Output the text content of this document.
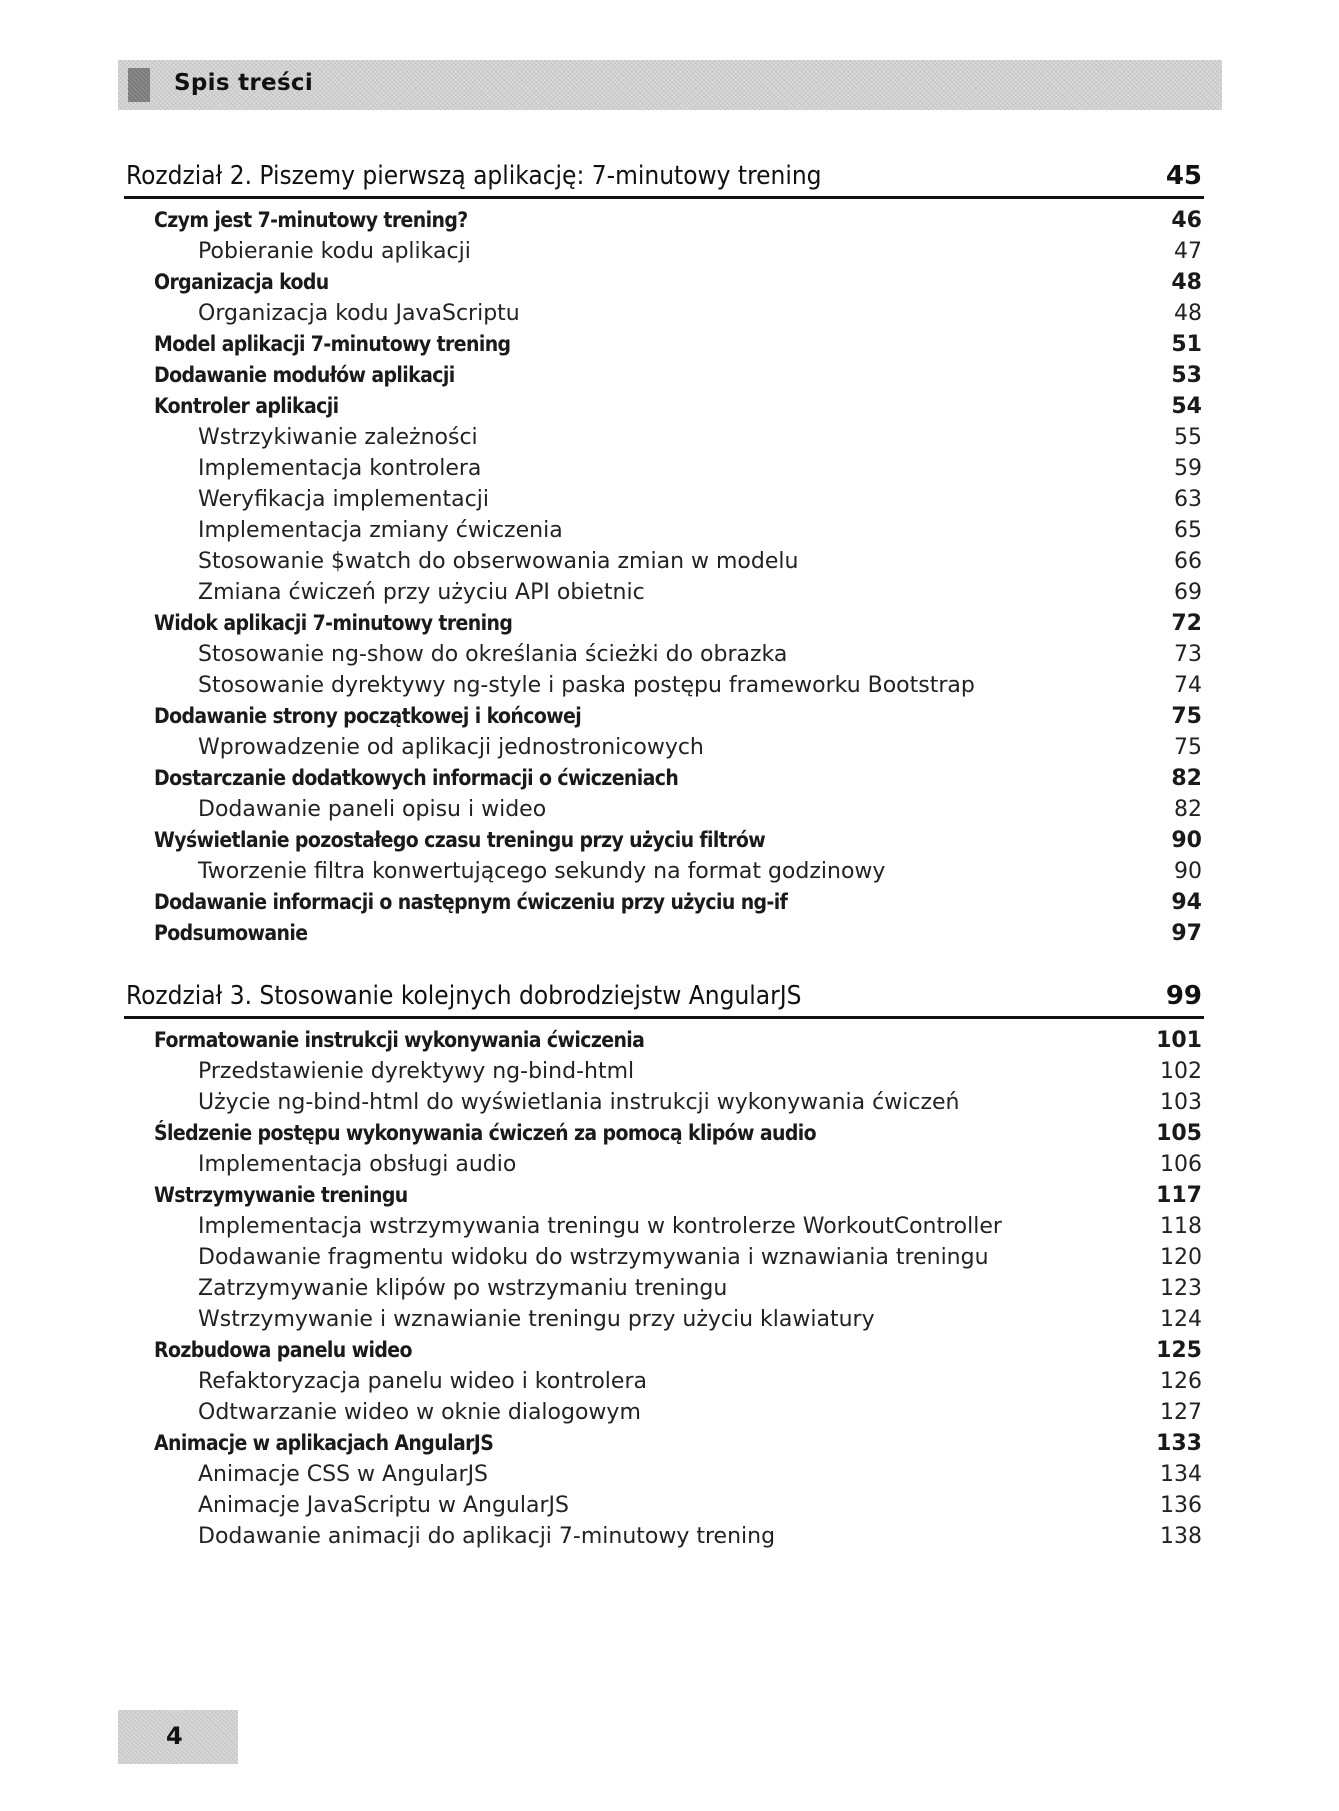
Spis treści
Rozdział 2. Piszemy pierwszą aplikację: 7-minutowy trening	45
Czym jest 7-minutowy trening?	46
Pobieranie kodu aplikacji	47
Organizacja kodu	48
Organizacja kodu JavaScriptu	48
Model aplikacji 7-minutowy trening	51
Dodawanie modułów aplikacji	53
Kontroler aplikacji	54
Wstrzykiwanie zależności	55
Implementacja kontrolera	59
Weryfikacja implementacji	63
Implementacja zmiany ćwiczenia	65
Stosowanie $watch do obserwowania zmian w modelu	66
Zmiana ćwiczeń przy użyciu API obietnic	69
Widok aplikacji 7-minutowy trening	72
Stosowanie ng-show do określania ścieżki do obrazka	73
Stosowanie dyrektywy ng-style i paska postępu frameworku Bootstrap	74
Dodawanie strony początkowej i końcowej	75
Wprowadzenie od aplikacji jednostronicowych	75
Dostarczanie dodatkowych informacji o ćwiczeniach	82
Dodawanie paneli opisu i wideo	82
Wyświetlanie pozostałego czasu treningu przy użyciu filtrów	90
Tworzenie filtra konwertującego sekundy na format godzinowy	90
Dodawanie informacji o następnym ćwiczeniu przy użyciu ng-if	94
Podsumowanie	97
Rozdział 3. Stosowanie kolejnych dobrodziejstw AngularJS	99
Formatowanie instrukcji wykonywania ćwiczenia	101
Przedstawienie dyrektywy ng-bind-html	102
Użycie ng-bind-html do wyświetlania instrukcji wykonywania ćwiczeń	103
Śledzenie postępu wykonywania ćwiczeń za pomocą klipów audio	105
Implementacja obsługi audio	106
Wstrzymywanie treningu	117
Implementacja wstrzymywania treningu w kontrolerze WorkoutController	118
Dodawanie fragmentu widoku do wstrzymywania i wznawiania treningu	120
Zatrzymywanie klipów po wstrzymaniu treningu	123
Wstrzymywanie i wznawianie treningu przy użyciu klawiatury	124
Rozbudowa panelu wideo	125
Refaktoryzacja panelu wideo i kontrolera	126
Odtwarzanie wideo w oknie dialogowym	127
Animacje w aplikacjach AngularJS	133
Animacje CSS w AngularJS	134
Animacje JavaScriptu w AngularJS	136
Dodawanie animacji do aplikacji 7-minutowy trening	138
4
